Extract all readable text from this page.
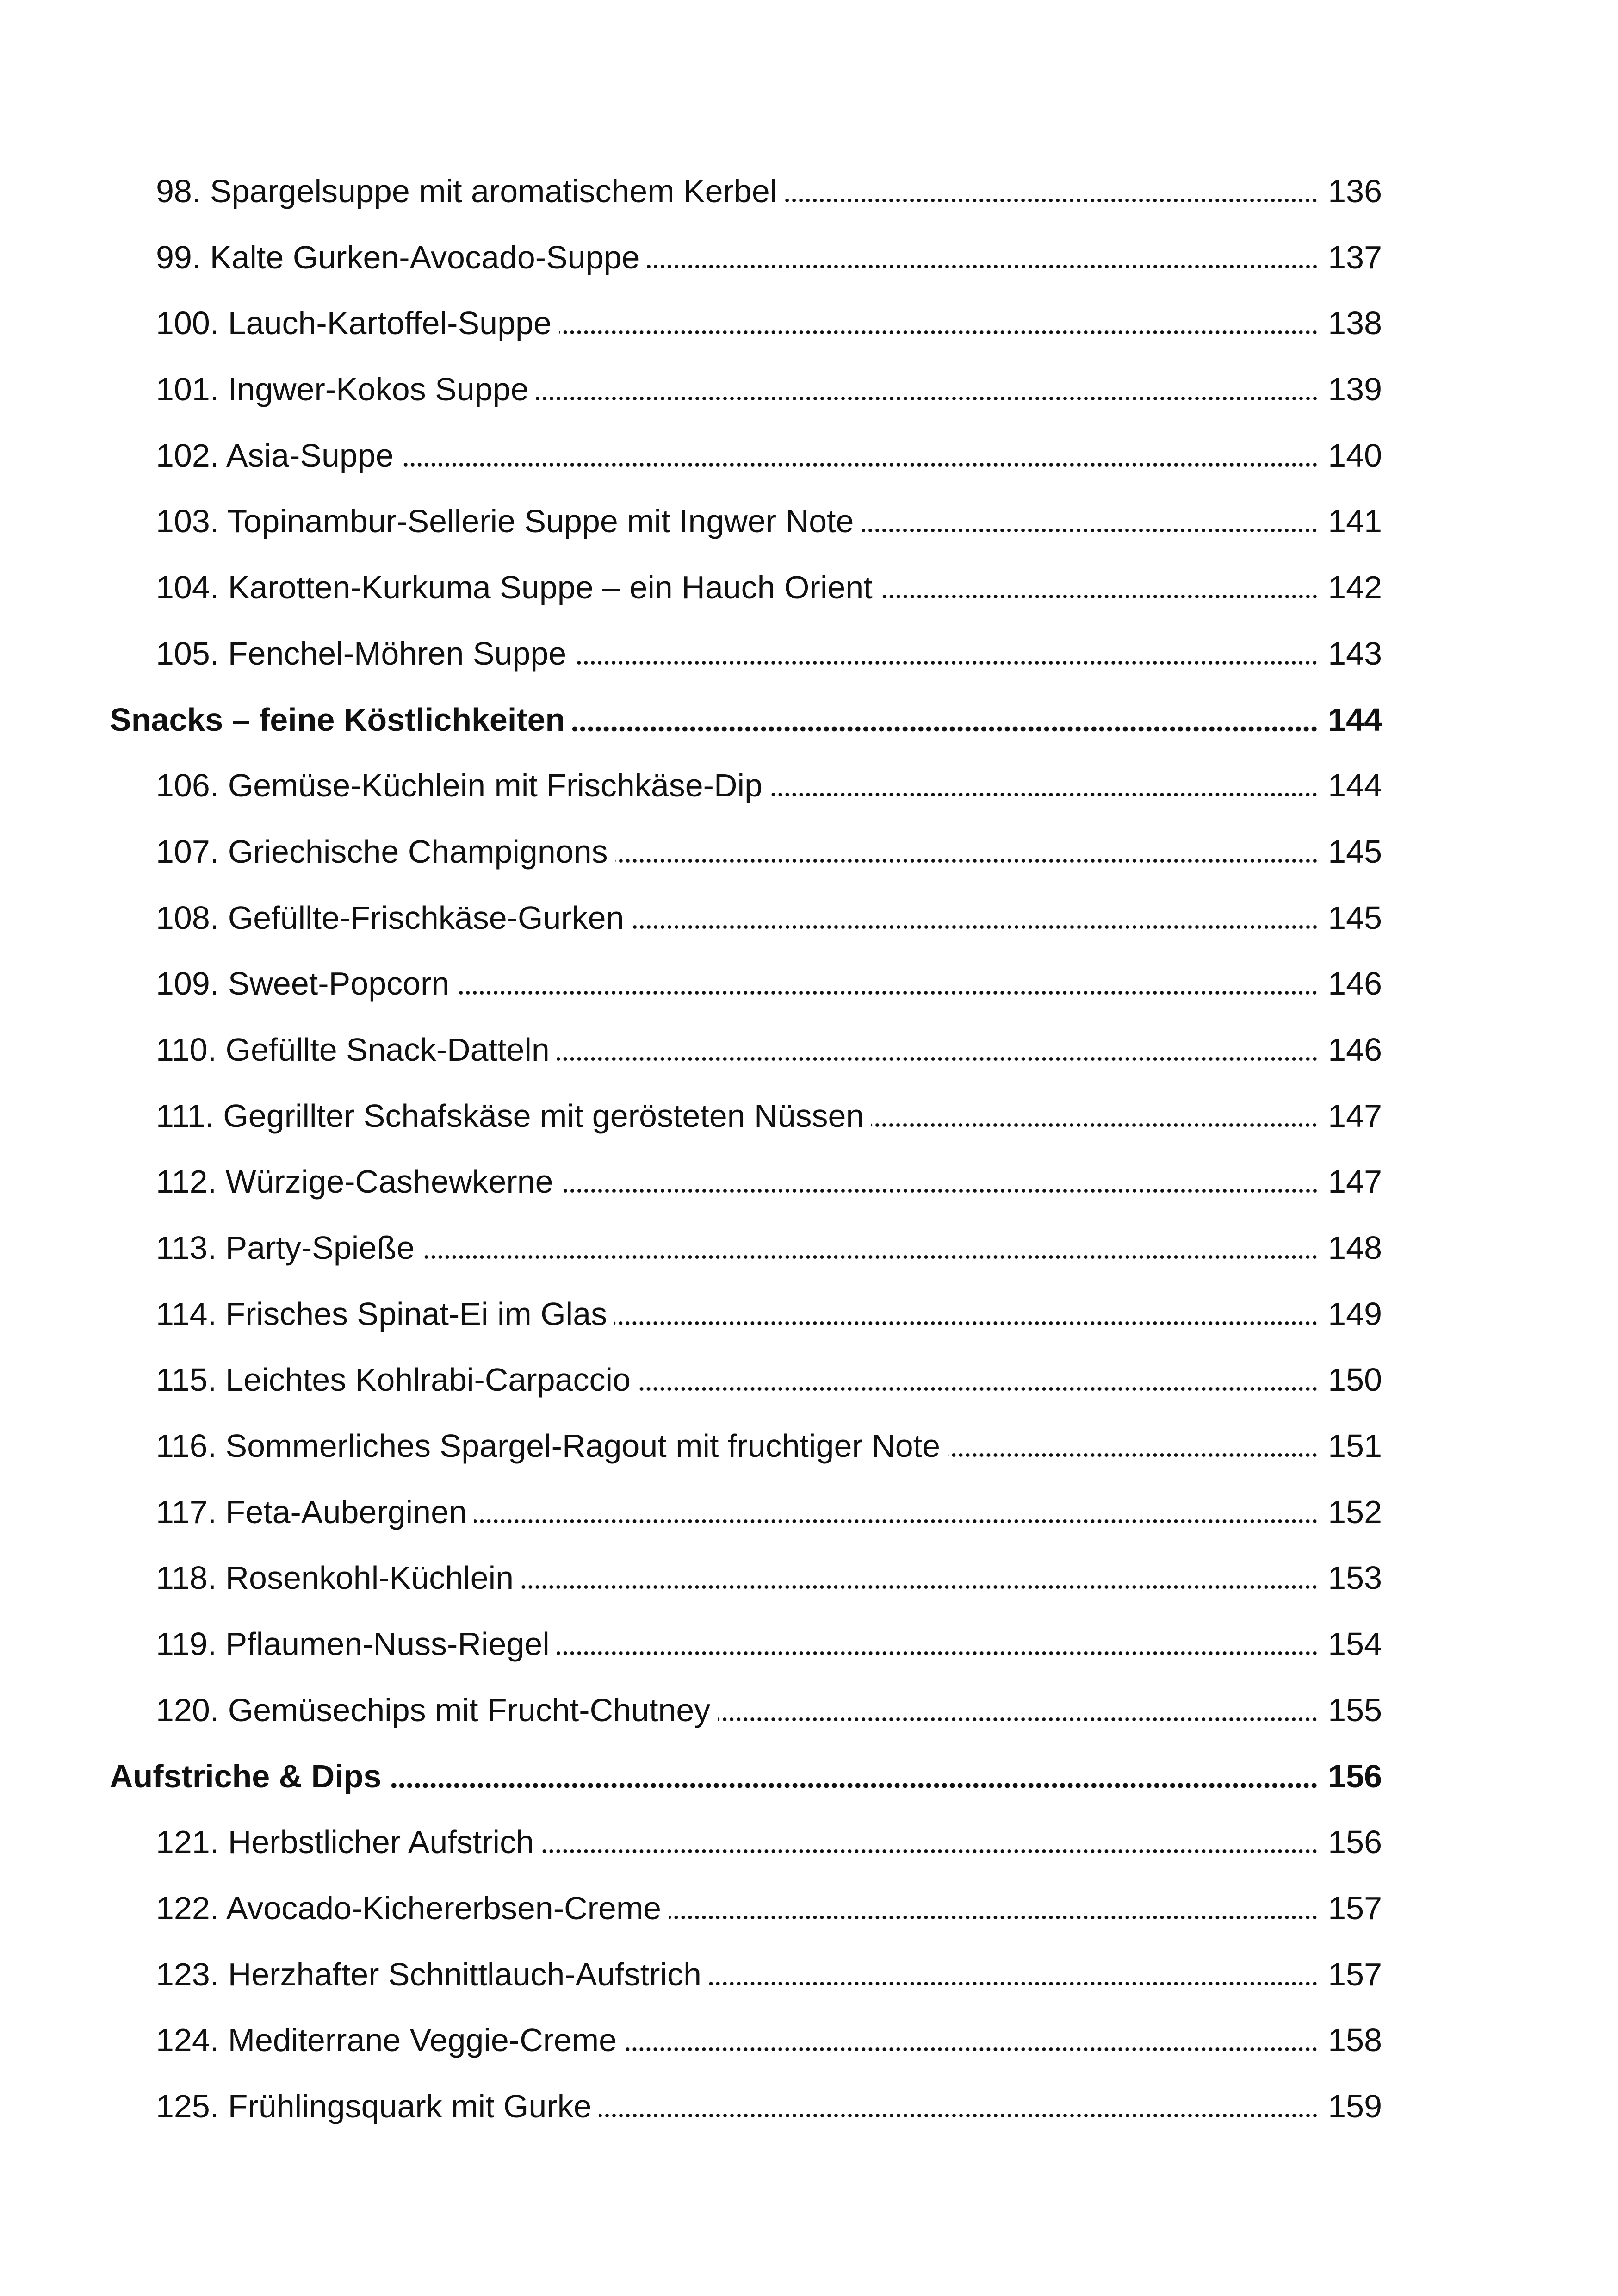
98. Spargelsuppe mit aromatischem Kerbel	136
99. Kalte Gurken-Avocado-Suppe	137
100. Lauch-Kartoffel-Suppe	138
101. Ingwer-Kokos Suppe	139
102. Asia-Suppe	140
103. Topinambur-Sellerie Suppe mit Ingwer Note	141
104. Karotten-Kurkuma Suppe – ein Hauch Orient	142
105. Fenchel-Möhren Suppe	143
Snacks – feine Köstlichkeiten	144
106. Gemüse-Küchlein mit Frischkäse-Dip	144
107. Griechische Champignons	145
108. Gefüllte-Frischkäse-Gurken	145
109. Sweet-Popcorn	146
110. Gefüllte Snack-Datteln	146
111. Gegrillter Schafskäse mit gerösteten Nüssen	147
112. Würzige-Cashewkerne	147
113. Party-Spieße	148
114. Frisches Spinat-Ei im Glas	149
115. Leichtes Kohlrabi-Carpaccio	150
116. Sommerliches Spargel-Ragout mit fruchtiger Note	151
117. Feta-Auberginen	152
118. Rosenkohl-Küchlein	153
119. Pflaumen-Nuss-Riegel	154
120. Gemüsechips mit Frucht-Chutney	155
Aufstriche & Dips	156
121. Herbstlicher Aufstrich	156
122. Avocado-Kichererbsen-Creme	157
123. Herzhafter Schnittlauch-Aufstrich	157
124. Mediterrane Veggie-Creme	158
125. Frühlingsquark mit Gurke	159
